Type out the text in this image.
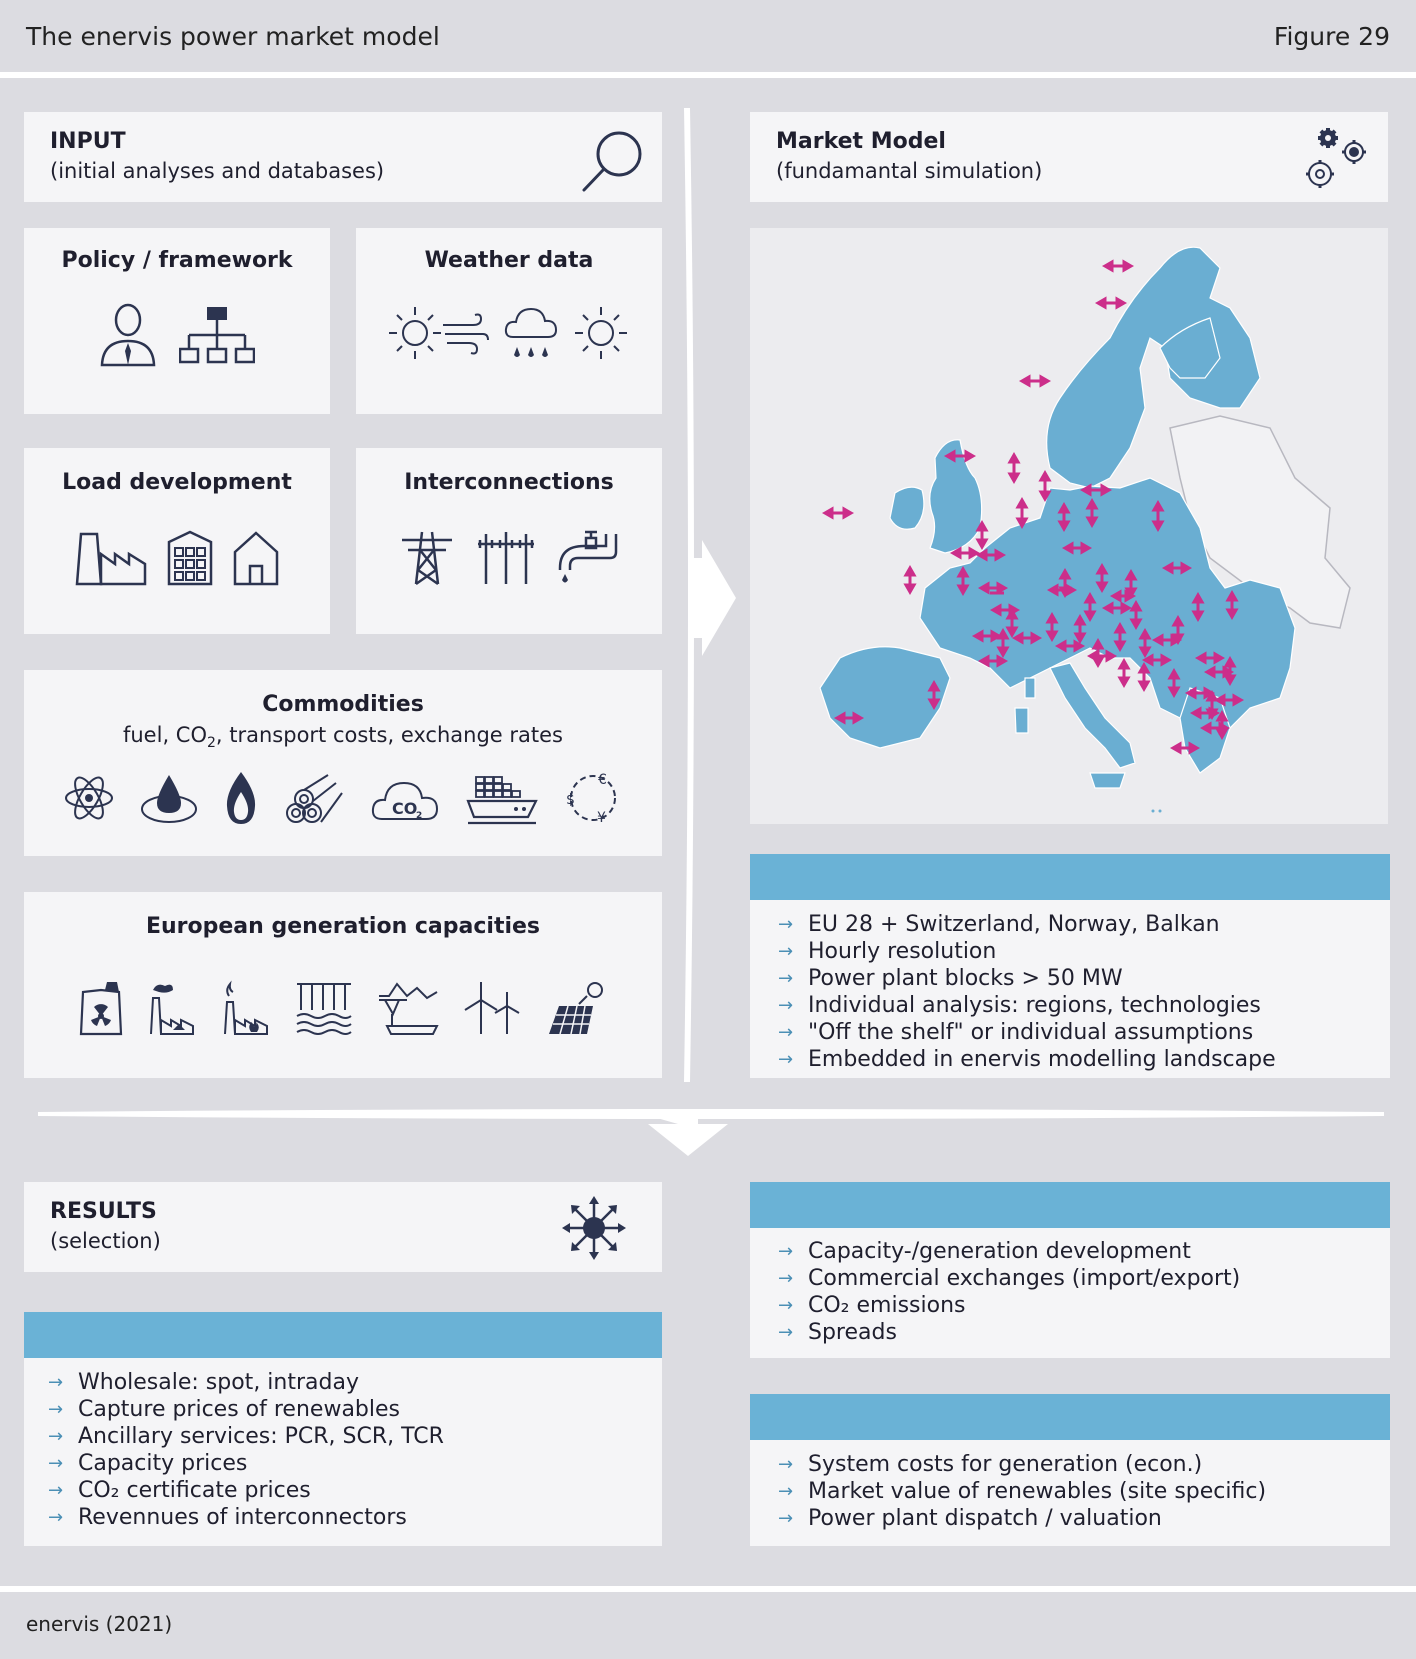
The enervis power market model	Figure 29
INPUT
(initial analyses and databases)
Policy / framework	Weather data
Load development	Interconnections
Commodities
fuel, $CO_2$, transport costs, exchange rates
CO
2
€
$
¥
European generation capacities
Market Model
(fundamantal simulation)
→ EU 28 + Switzerland, Norway, Balkan
→ Hourly resolution
→ Power plant blocks > 50 MW
→ Individual analysis: regions, technologies
→ "Off the shelf" or individual assumptions
→ Embedded in enervis modelling landscape
RESULTS
(selection)	→ Capacity-/generation development
→ Commercial exchanges (import/export)
→ CO₂ emissions
→ Spreads
→ Wholesale: spot, intraday
→ Capture prices of renewables
→ Ancillary services: PCR, SCR, TCR
→ Capacity prices
→ CO₂ certificate prices
→ Revennues of interconnectors
→ System costs for generation (econ.)
→ Market value of renewables (site specific)
→ Power plant dispatch / valuation
enervis (2021)
